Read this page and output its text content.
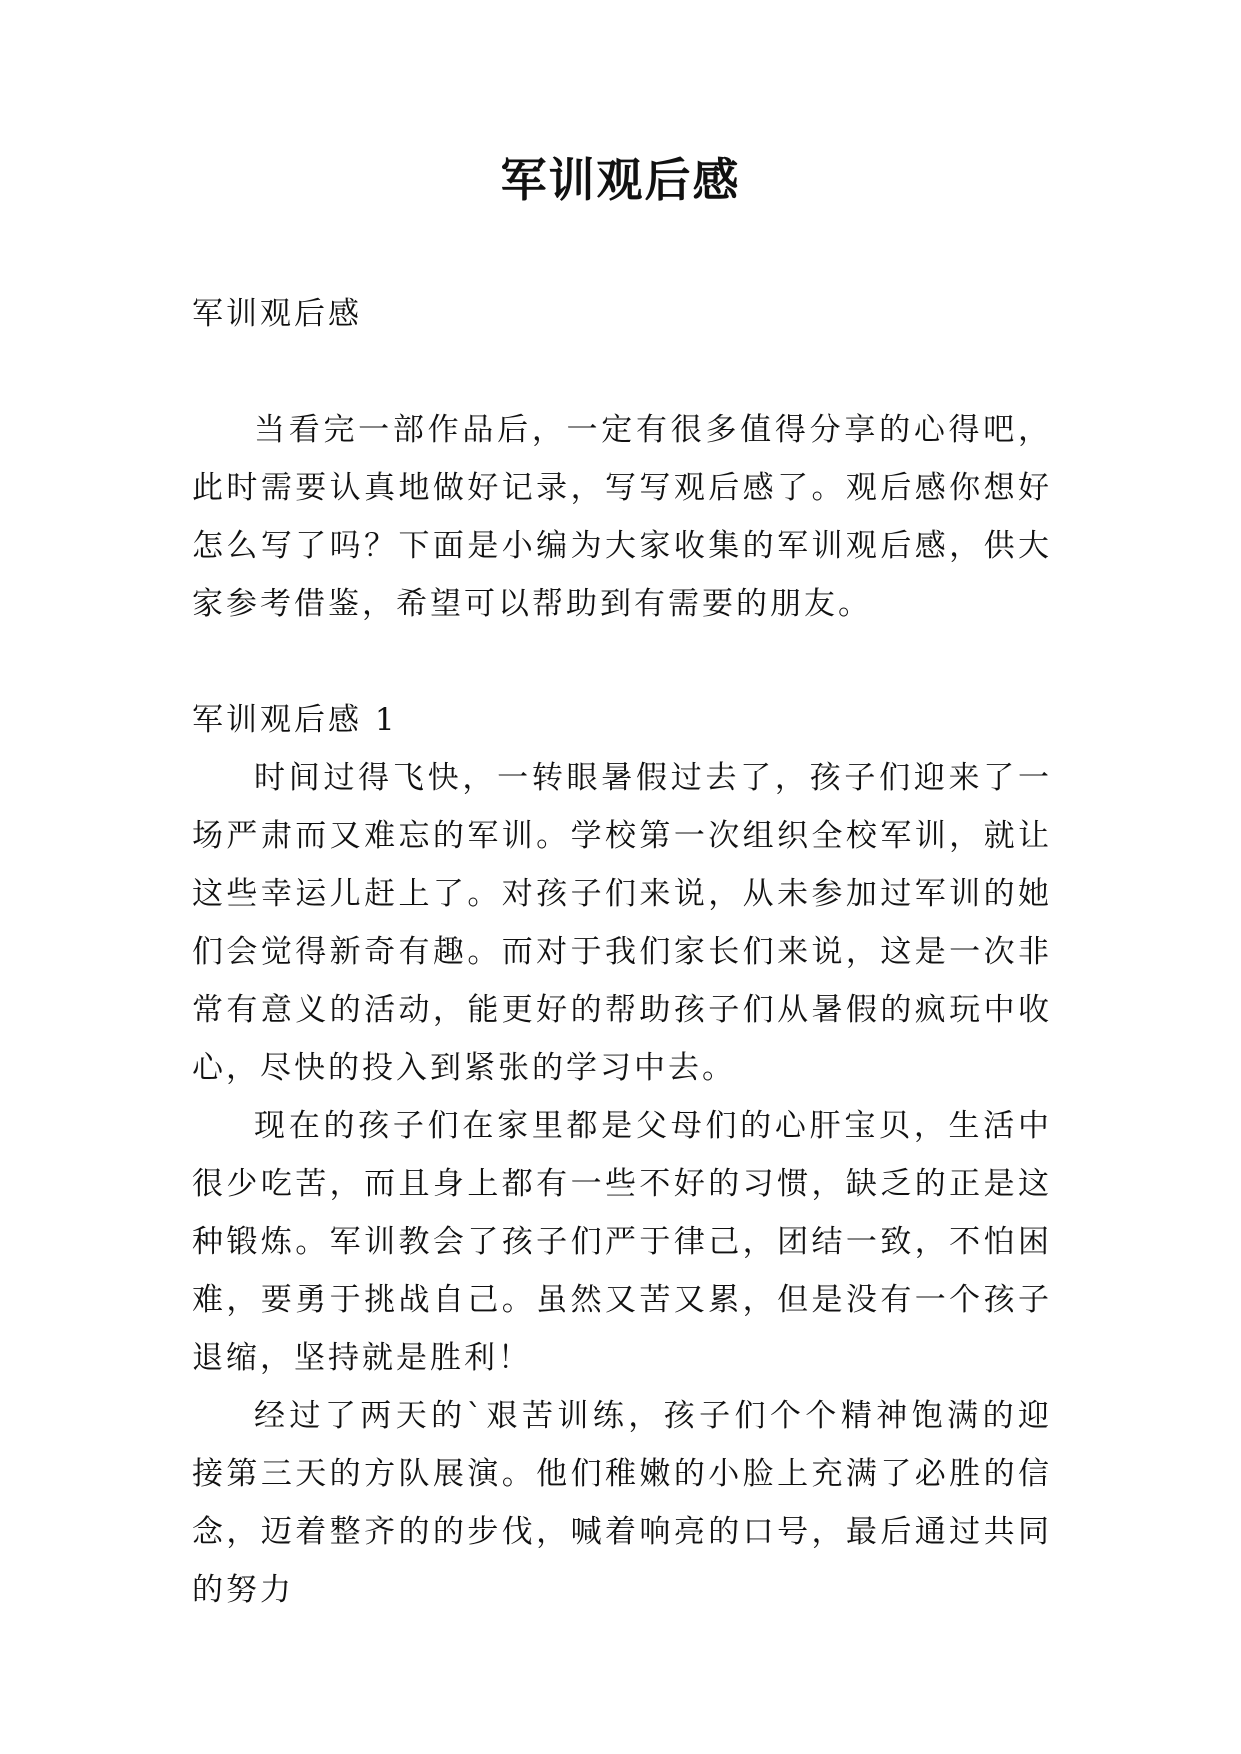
军训观后感

军训观后感

当看完一部作品后，一定有很多值得分享的心得吧，此时需要认真地做好记录，写写观后感了。观后感你想好怎么写了吗？下面是小编为大家收集的军训观后感，供大家参考借鉴，希望可以帮助到有需要的朋友。

军训观后感 1

时间过得飞快，一转眼暑假过去了，孩子们迎来了一场严肃而又难忘的军训。学校第一次组织全校军训，就让这些幸运儿赶上了。对孩子们来说，从未参加过军训的她们会觉得新奇有趣。而对于我们家长们来说，这是一次非常有意义的活动，能更好的帮助孩子们从暑假的疯玩中收心，尽快的投入到紧张的学习中去。

现在的孩子们在家里都是父母们的心肝宝贝，生活中很少吃苦，而且身上都有一些不好的习惯，缺乏的正是这种锻炼。军训教会了孩子们严于律己，团结一致，不怕困难，要勇于挑战自己。虽然又苦又累，但是没有一个孩子退缩，坚持就是胜利！

经过了两天的`艰苦训练，孩子们个个精神饱满的迎接第三天的方队展演。他们稚嫩的小脸上充满了必胜的信念，迈着整齐的的步伐，喊着响亮的口号，最后通过共同的努力
